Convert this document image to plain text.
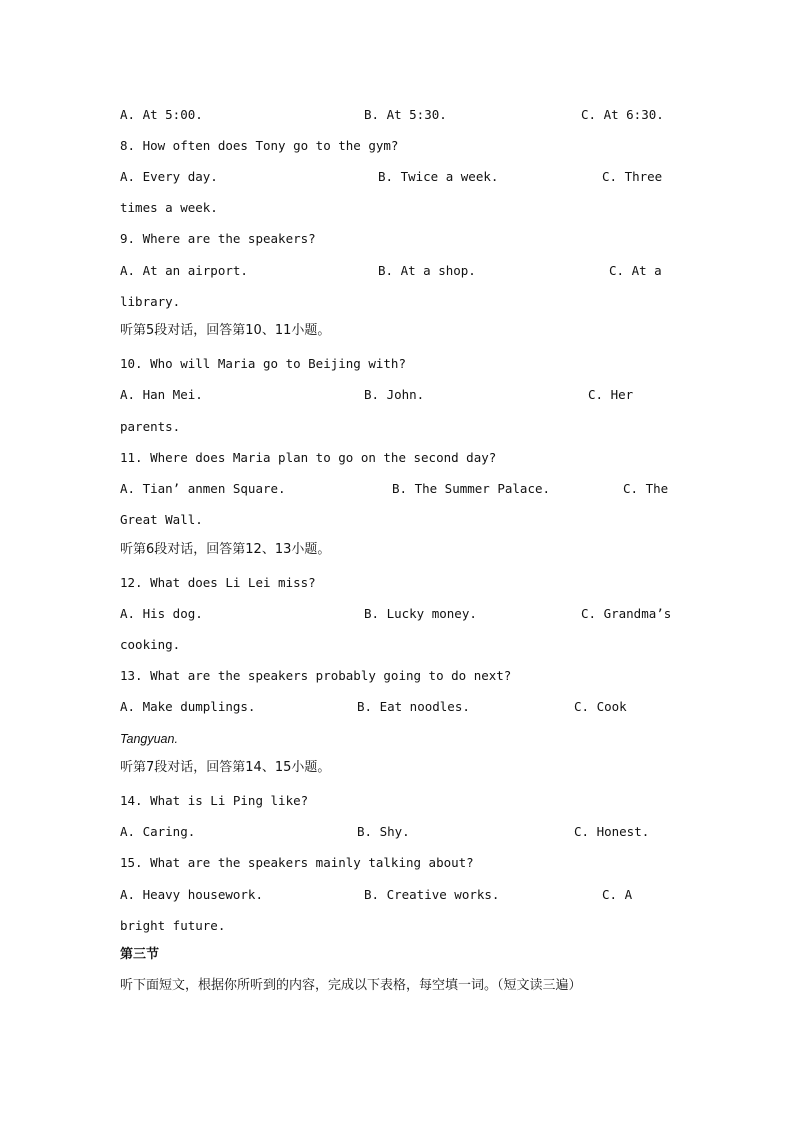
A. At 5:00.	B. At 5:30.	C. At 6:30.
8. How often does Tony go to the gym?
A. Every day.	B. Twice a week.	C. Three
times a week.
9. Where are the speakers?
A. At an airport.	B. At a shop.	C. At a
library.
听第5段对话，回答第10、11小题。
10. Who will Maria go to Beijing with?
A. Han Mei.	B. John.	C. Her
parents.
11. Where does Maria plan to go on the second day?
A. Tian’ anmen Square.	B. The Summer Palace.	C. The
Great Wall.
听第6段对话，回答第12、13小题。
12. What does Li Lei miss?
A. His dog.	B. Lucky money.	C. Grandma’s
cooking.
13. What are the speakers probably going to do next?
A. Make dumplings.	B. Eat noodles.	C. Cook
Tangyuan.
听第7段对话，回答第14、15小题。
14. What is Li Ping like?
A. Caring.	B. Shy.	C. Honest.
15. What are the speakers mainly talking about?
A. Heavy housework.	B. Creative works.	C. A
bright future.
第三节
听下面短文，根据你所听到的内容，完成以下表格，每空填一词。（短文读三遍）
